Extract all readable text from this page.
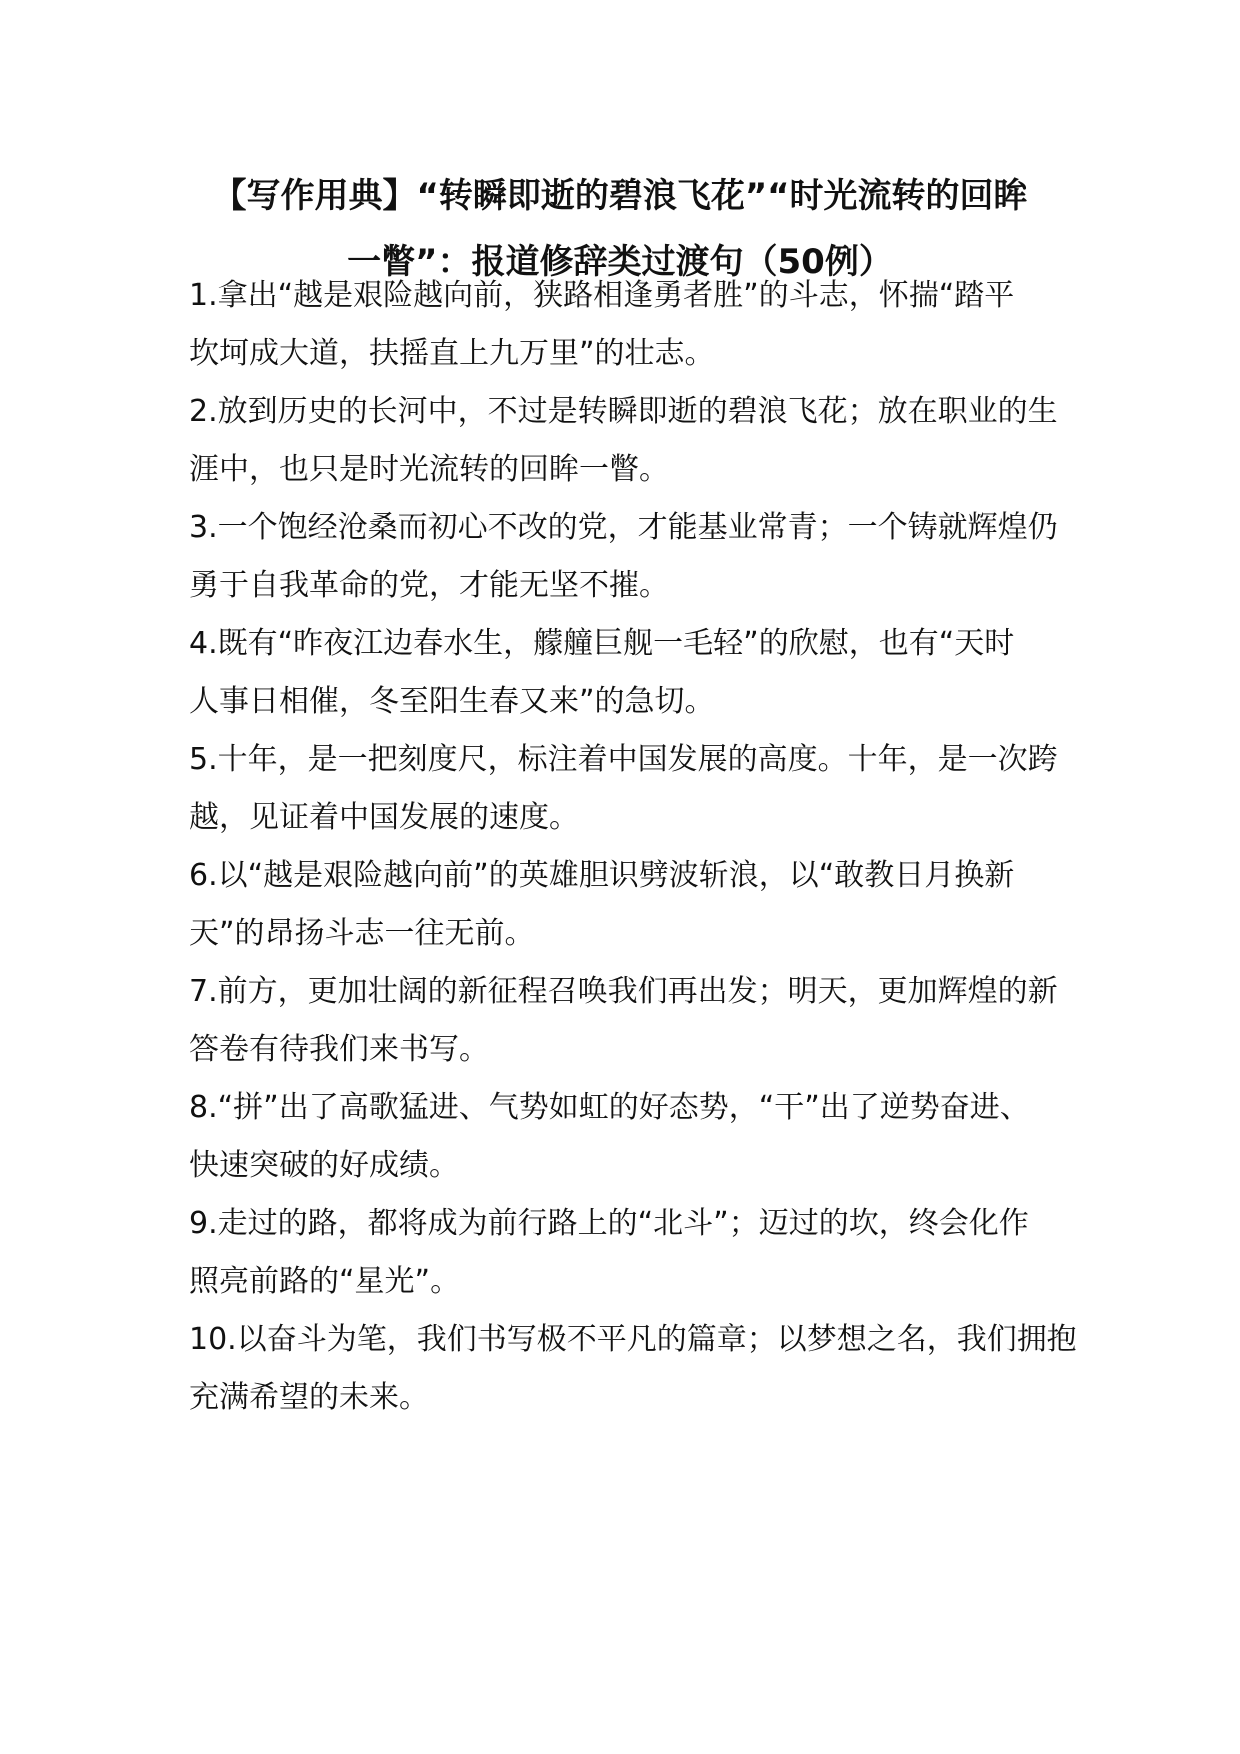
【写作用典】“转瞬即逝的碧浪飞花”“时光流转的回眸
一瞥”：报道修辞类过渡句（50例）

1.拿出“越是艰险越向前，狭路相逢勇者胜”的斗志，怀揣“踏平

坎坷成大道，扶摇直上九万里”的壮志。

2.放到历史的长河中，不过是转瞬即逝的碧浪飞花；放在职业的生

涯中，也只是时光流转的回眸一瞥。

3.一个饱经沧桑而初心不改的党，才能基业常青；一个铸就辉煌仍

勇于自我革命的党，才能无坚不摧。

4.既有“昨夜江边春水生，艨艟巨舰一毛轻”的欣慰，也有“天时

人事日相催，冬至阳生春又来”的急切。

5.十年，是一把刻度尺，标注着中国发展的高度。十年，是一次跨

越，见证着中国发展的速度。

6.以“越是艰险越向前”的英雄胆识劈波斩浪，以“敢教日月换新

天”的昂扬斗志一往无前。

7.前方，更加壮阔的新征程召唤我们再出发；明天，更加辉煌的新

答卷有待我们来书写。

8.“拼”出了高歌猛进、气势如虹的好态势，“干”出了逆势奋进、

快速突破的好成绩。

9.走过的路，都将成为前行路上的“北斗”；迈过的坎，终会化作

照亮前路的“星光”。

10.以奋斗为笔，我们书写极不平凡的篇章；以梦想之名，我们拥抱

充满希望的未来。
